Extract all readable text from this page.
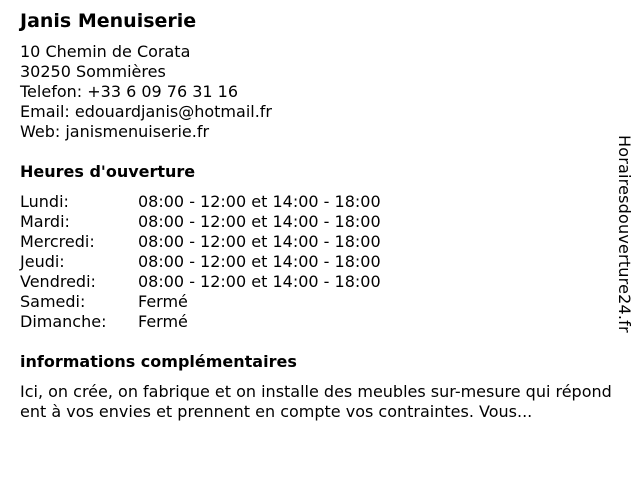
Janis Menuiserie
10 Chemin de Corata
30250 Sommières
Telefon: +33 6 09 76 31 16
Email: edouardjanis@hotmail.fr
Web: janismenuiserie.fr
Heures d'ouverture
Lundi:	08:00 - 12:00 et 14:00 - 18:00
Mardi:	08:00 - 12:00 et 14:00 - 18:00
Mercredi:	08:00 - 12:00 et 14:00 - 18:00
Jeudi:	08:00 - 12:00 et 14:00 - 18:00
Vendredi:	08:00 - 12:00 et 14:00 - 18:00
Samedi:	Fermé
Dimanche:	Fermé
informations complémentaires
Ici, on crée, on fabrique et on installe des meubles sur-mesure qui répondent à vos envies et prennent en compte vos contraintes. Vous...
Horairesdouverture24.fr
